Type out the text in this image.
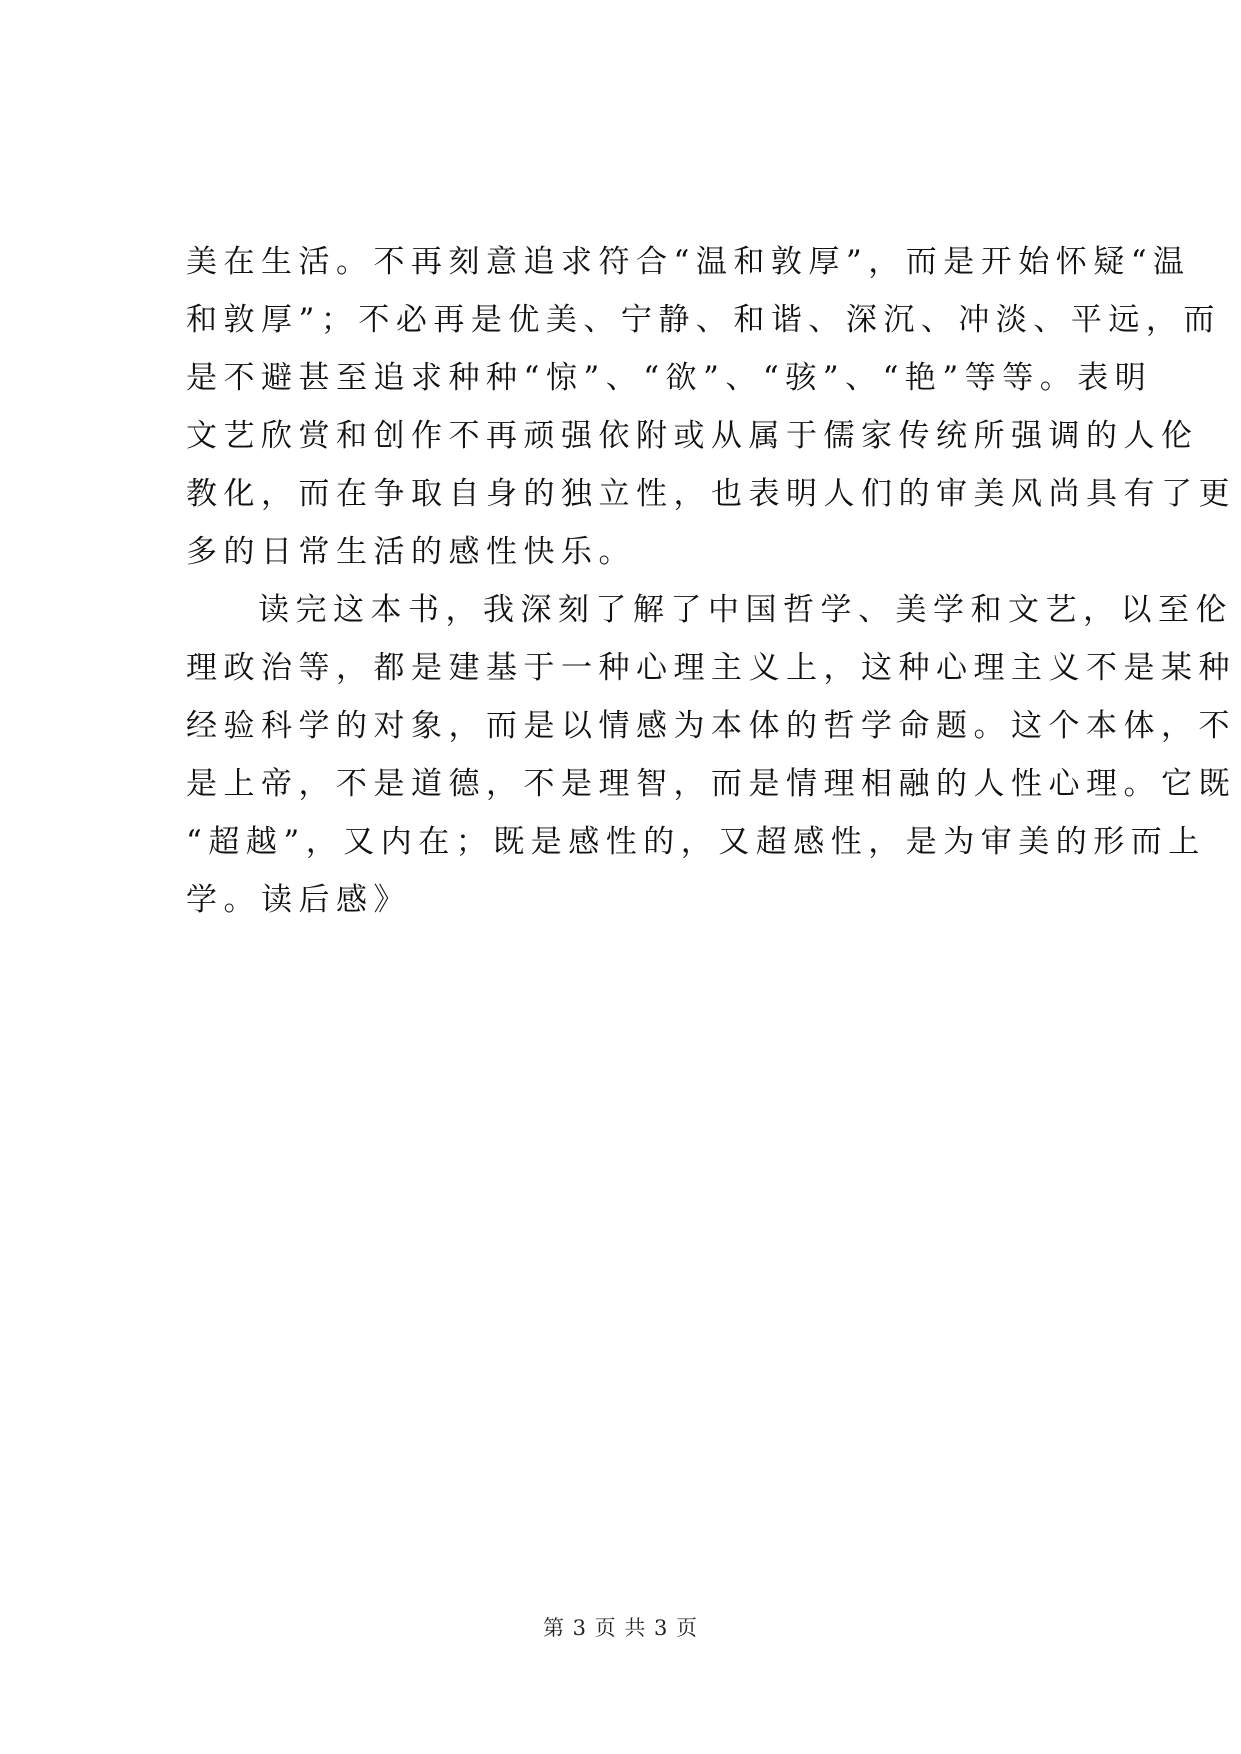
美在生活。不再刻意追求符合“温和敦厚”，而是开始怀疑“温
和敦厚”；不必再是优美、宁静、和谐、深沉、冲淡、平远，而
是不避甚至追求种种“惊”、“欲”、“骇”、“艳”等等。表明
文艺欣赏和创作不再顽强依附或从属于儒家传统所强调的人伦
教化，而在争取自身的独立性，也表明人们的审美风尚具有了更
多的日常生活的感性快乐。
读完这本书，我深刻了解了中国哲学、美学和文艺，以至伦
理政治等，都是建基于一种心理主义上，这种心理主义不是某种
经验科学的对象，而是以情感为本体的哲学命题。这个本体，不
是上帝，不是道德，不是理智，而是情理相融的人性心理。它既
“超越”，又内在；既是感性的，又超感性，是为审美的形而上
学。读后感》
第 3 页 共 3 页
